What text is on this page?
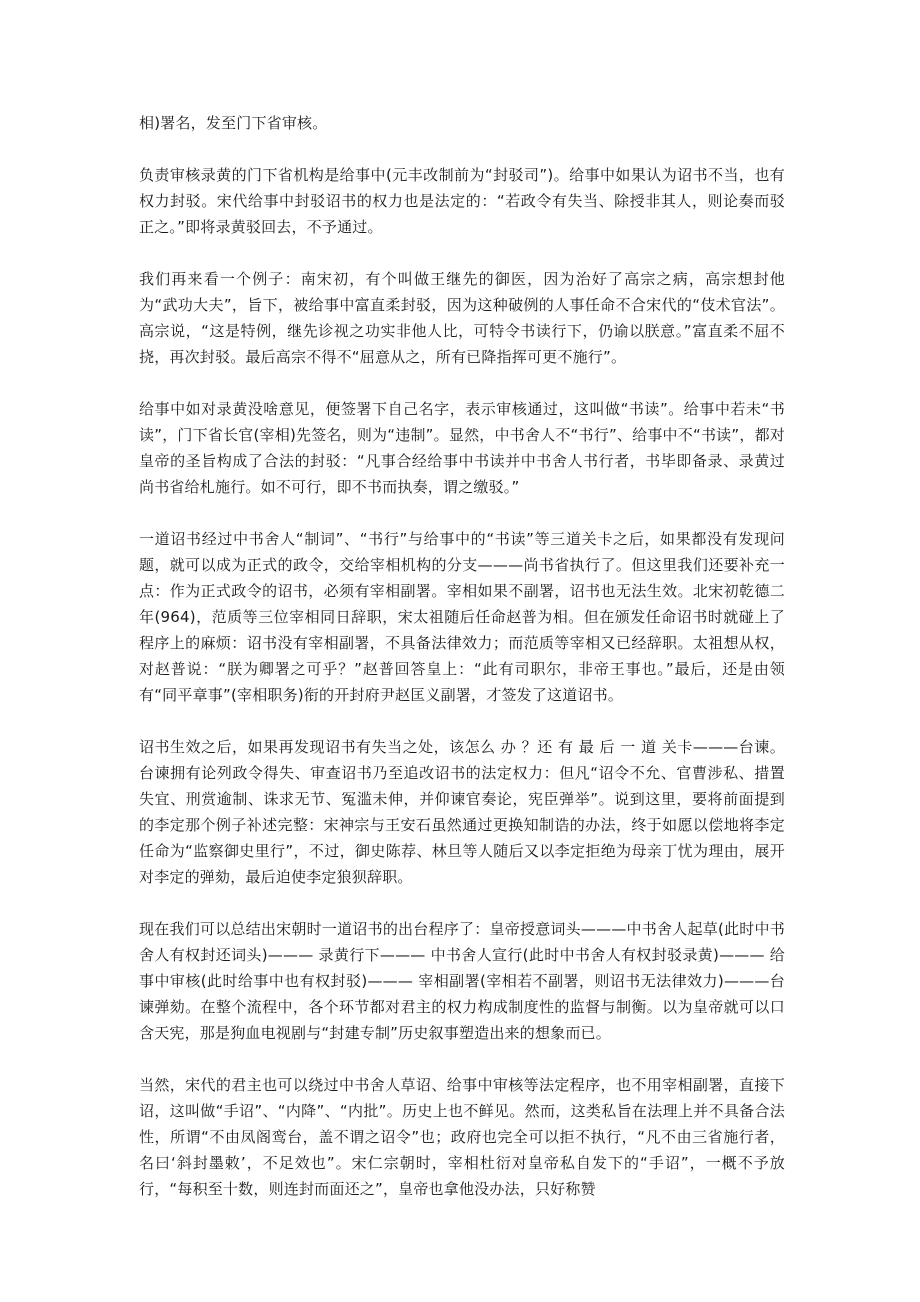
相)署名，发至门下省审核。

负责审核录黄的门下省机构是给事中(元丰改制前为“封驳司”)。给事中如果认为诏书不当，也有权力封驳。宋代给事中封驳诏书的权力也是法定的：“若政令有失当、除授非其人，则论奏而驳正之。”即将录黄驳回去，不予通过。

我们再来看一个例子：南宋初，有个叫做王继先的御医，因为治好了高宗之病，高宗想封他为“武功大夫”，旨下，被给事中富直柔封驳，因为这种破例的人事任命不合宋代的“伎术官法”。高宗说，“这是特例，继先诊视之功实非他人比，可特令书读行下，仍谕以朕意。”富直柔不屈不挠，再次封驳。最后高宗不得不“屈意从之，所有已降指挥可更不施行”。

给事中如对录黄没啥意见，便签署下自己名字，表示审核通过，这叫做“书读”。给事中若未“书读”，门下省长官(宰相)先签名，则为“违制”。显然，中书舍人不“书行”、给事中不“书读”，都对皇帝的圣旨构成了合法的封驳：“凡事合经给事中书读并中书舍人书行者，书毕即备录、录黄过尚书省给札施行。如不可行，即不书而执奏，谓之缴驳。”

一道诏书经过中书舍人“制词”、“书行”与给事中的“书读”等三道关卡之后，如果都没有发现问题，就可以成为正式的政令，交给宰相机构的分支———尚书省执行了。但这里我们还要补充一点：作为正式政令的诏书，必须有宰相副署。宰相如果不副署，诏书也无法生效。北宋初乾德二年(964)，范质等三位宰相同日辞职，宋太祖随后任命赵普为相。但在颁发任命诏书时就碰上了程序上的麻烦：诏书没有宰相副署，不具备法律效力；而范质等宰相又已经辞职。太祖想从权，对赵普说：“朕为卿署之可乎？”赵普回答皇上：“此有司职尔，非帝王事也。”最后，还是由领有“同平章事”(宰相职务)衔的开封府尹赵匡义副署，才签发了这道诏书。

诏书生效之后，如果再发现诏书有失当之处，该怎么 办 ？还 有 最 后 一 道 关卡———台谏。台谏拥有论列政令得失、审查诏书乃至追改诏书的法定权力：但凡“诏令不允、官曹涉私、措置失宜、刑赏逾制、诛求无节、冤滥未伸，并仰谏官奏论，宪臣弹举”。说到这里，要将前面提到的李定那个例子补述完整：宋神宗与王安石虽然通过更换知制诰的办法，终于如愿以偿地将李定任命为“监察御史里行”，不过，御史陈荐、林旦等人随后又以李定拒绝为母亲丁忧为理由，展开对李定的弹劾，最后迫使李定狼狈辞职。

现在我们可以总结出宋朝时一道诏书的出台程序了：皇帝授意词头———中书舍人起草(此时中书舍人有权封还词头)——— 录黄行下——— 中书舍人宣行(此时中书舍人有权封驳录黄)——— 给事中审核(此时给事中也有权封驳)——— 宰相副署(宰相若不副署，则诏书无法律效力)———台谏弹劾。在整个流程中，各个环节都对君主的权力构成制度性的监督与制衡。以为皇帝就可以口含天宪，那是狗血电视剧与“封建专制”历史叙事塑造出来的想象而已。

当然，宋代的君主也可以绕过中书舍人草诏、给事中审核等法定程序，也不用宰相副署，直接下诏，这叫做“手诏”、“内降”、“内批”。历史上也不鲜见。然而，这类私旨在法理上并不具备合法性，所谓“不由凤阁鸾台，盖不谓之诏令”也；政府也完全可以拒不执行，“凡不由三省施行者，名曰‘斜封墨敕’，不足效也”。宋仁宗朝时，宰相杜衍对皇帝私自发下的“手诏”，一概不予放行，“每积至十数，则连封而面还之”，皇帝也拿他没办法，只好称赞
